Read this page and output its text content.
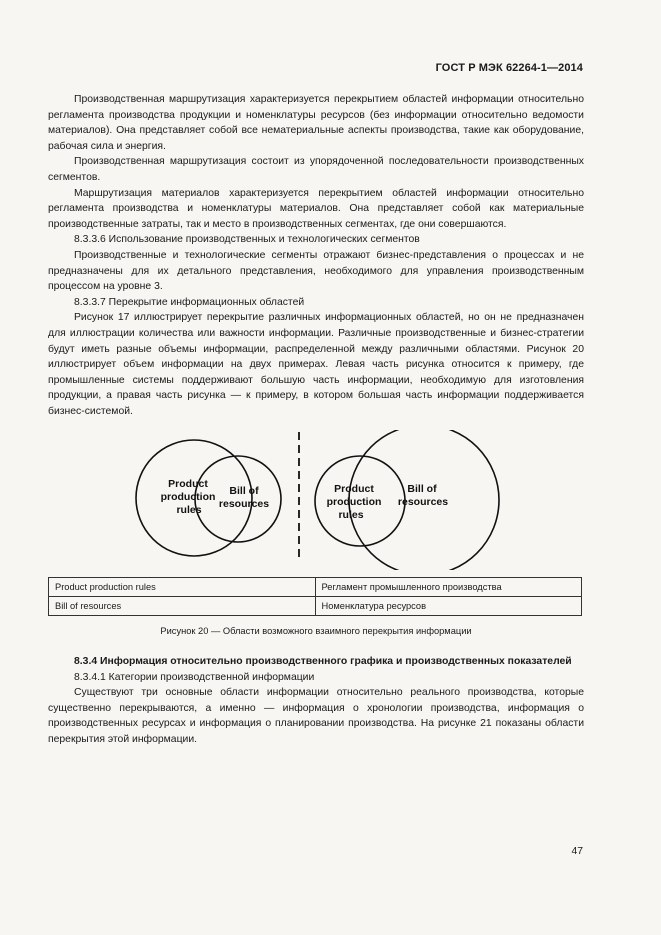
ГОСТ Р МЭК 62264-1—2014

Производственная маршрутизация характеризуется перекрытием областей информации относительно регламента производства продукции и номенклатуры ресурсов (без информации относительно ведомости материалов). Она представляет собой все нематериальные аспекты производства, такие как оборудование, рабочая сила и энергия.

Производственная маршрутизация состоит из упорядоченной последовательности производственных сегментов.

Маршрутизация материалов характеризуется перекрытием областей информации относительно регламента производства и номенклатуры материалов. Она представляет собой как материальные производственные затраты, так и место в производственных сегментах, где они совершаются.

8.3.3.6 Использование производственных и технологических сегментов

Производственные и технологические сегменты отражают бизнес-представления о процессах и не предназначены для их детального представления, необходимого для управления производственным процессом на уровне 3.

8.3.3.7 Перекрытие информационных областей

Рисунок 17 иллюстрирует перекрытие различных информационных областей, но он не предназначен для иллюстрации количества или важности информации. Различные производственные и бизнес-стратегии будут иметь разные объемы информации, распределенной между различными областями. Рисунок 20 иллюстрирует объем информации на двух примерах. Левая часть рисунка относится к примеру, где промышленные системы поддерживают большую часть информации, необходимую для изготовления продукции, а правая часть рисунка — к примеру, в котором большая часть информации поддерживается бизнес-системой.

Product
production
rules
Bill of
resources
Product
production
rules
Bill of
resources
Product production rules	Регламент промышленного производства
Bill of resources	Номенклатура ресурсов
Рисунок 20 — Области возможного взаимного перекрытия информации

8.3.4 Информация относительно производственного графика и производственных показателей

8.3.4.1 Категории производственной информации

Существуют три основные области информации относительно реального производства, которые существенно перекрываются, а именно — информация о хронологии производства, информация о производственных ресурсах и информация о планировании производства. На рисунке 21 показаны области перекрытия этой информации.

47
